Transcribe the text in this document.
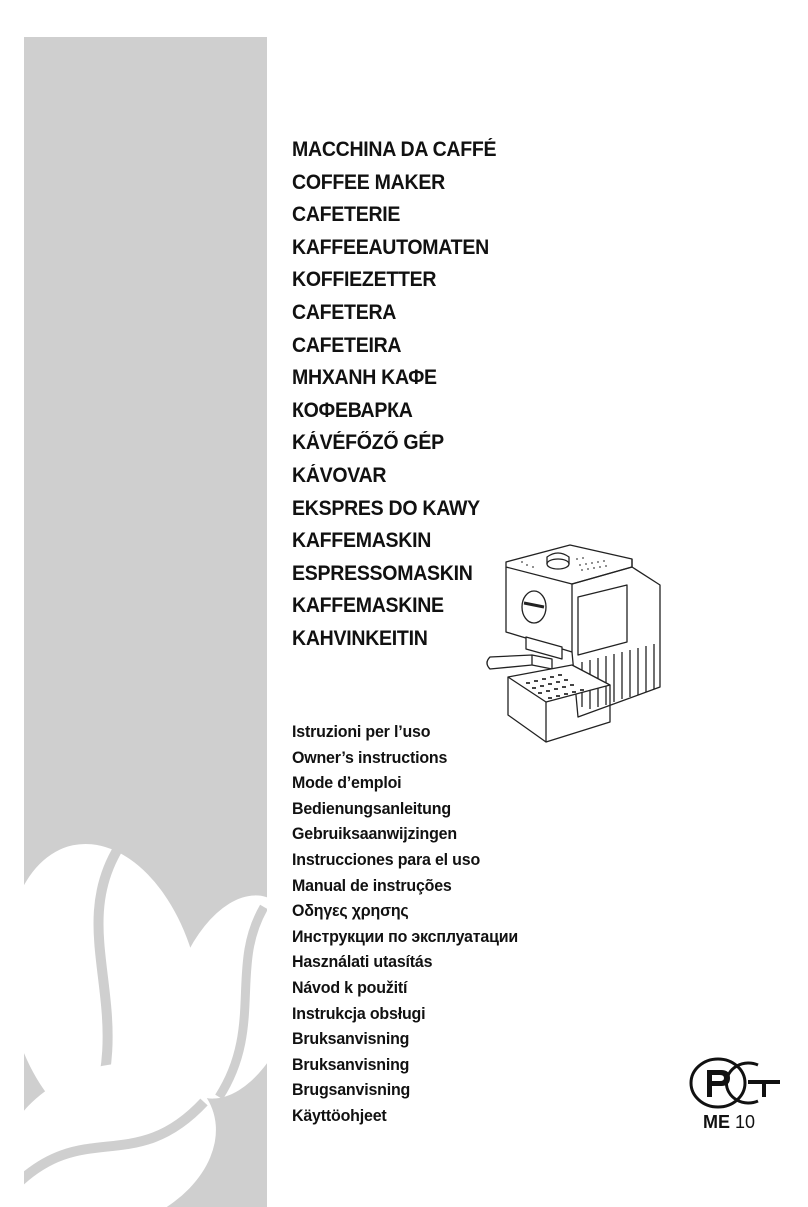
MACCHINA DA CAFFÉ
COFFEE MAKER
CAFETERIE
KAFFEEAUTOMATEN
KOFFIEZETTER
CAFETERA
CAFETEIRA
ΜΗΧΑΝΗ ΚΑΦΕ
КОФЕВАРКА
KÁVÉFŐZŐ GÉP
KÁVOVAR
EKSPRES DO KAWY
KAFFEMASKIN
ESPRESSOMASKIN
KAFFEMASKINE
KAHVINKEITIN
Istruzioni per l’uso
Owner’s instructions
Mode d’emploi
Bedienungsanleitung
Gebruiksaanwijzingen
Instrucciones para el uso
Manual de instruções
Οδηγες χρησης
Инструкции по эксплуатации
Használati utasítás
Návod k použití
Instrukcja obsługi
Bruksanvisning
Bruksanvisning
Brugsanvisning
Käyttöohjeet	ME 10
